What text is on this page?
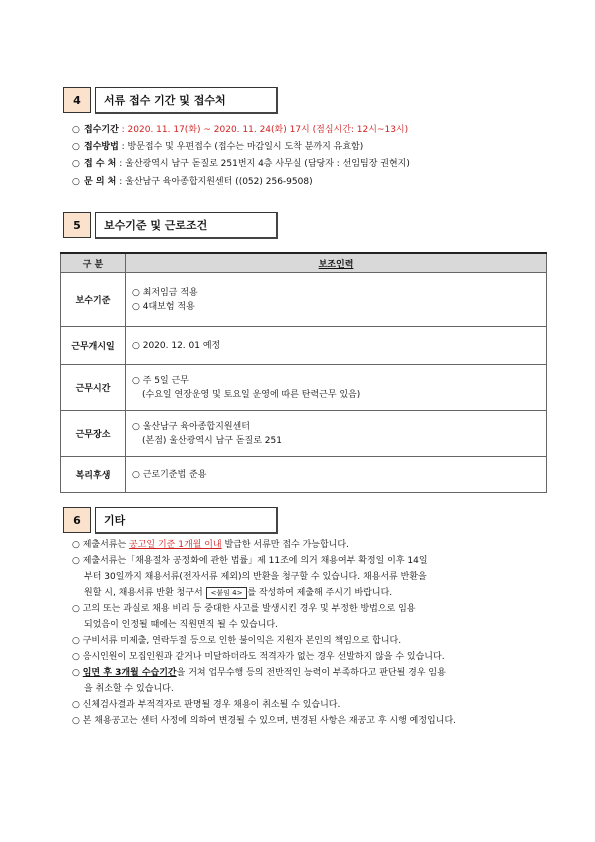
4	서류 접수 기간 및 접수처
○ 접수기간 : 2020. 11. 17(화) ~ 2020. 11. 24(화) 17시 (점심시간: 12시~13시)
○ 접수방법 : 방문접수 및 우편접수 (접수는 마감일시 도착 분까지 유효함)
○ 접 수 처 : 울산광역시 남구 돋질로 251번지 4층 사무실 (담당자 : 선임팀장 권현지)
○ 문 의 처 : 울산남구 육아종합지원센터 ((052) 256-9508)
5	보수기준 및 근로조건
구 분	보조인력
보수기준	○ 최저임금 적용
○ 4대보험 적용

근무개시일	○ 2020. 12. 01 예정

근무시간	○ 주 5일 근무
(수요일 연장운영 및 토요일 운영에 따른 탄력근무 있음)

근무장소	○ 울산남구 육아종합지원센터
(본점) 울산광역시 남구 돋질로 251

복리후생	○ 근로기준법 준용
6	기타
○ 제출서류는 공고일 기준 1개월 이내 발급한 서류만 접수 가능합니다.
○ 제출서류는「채용절차 공정화에 관한 법률」제 11조에 의거 채용여부 확정일 이후 14일
부터 30일까지 채용서류(전자서류 제외)의 반환을 청구할 수 있습니다. 채용서류 반환을
원할 시, 채용서류 반환 청구서 <붙임 4> 를 작성하여 제출해 주시기 바랍니다.
○ 고의 또는 과실로 채용 비리 등 중대한 사고를 발생시킨 경우 및 부정한 방법으로 임용
되었음이 인정될 때에는 직원면직 될 수 있습니다.
○ 구비서류 미제출, 연락두절 등으로 인한 불이익은 지원자 본인의 책임으로 합니다.
○ 응시인원이 모집인원과 같거나 미달하더라도 적격자가 없는 경우 선발하지 않을 수 있습니다.
○ 임면 후 3개월 수습기간을 거쳐 업무수행 등의 전반적인 능력이 부족하다고 판단될 경우 임용
을 취소할 수 있습니다.
○ 신체검사결과 부적격자로 판명될 경우 채용이 취소될 수 있습니다.
○ 본 채용공고는 센터 사정에 의하여 변경될 수 있으며, 변경된 사항은 재공고 후 시행 예정입니다.
